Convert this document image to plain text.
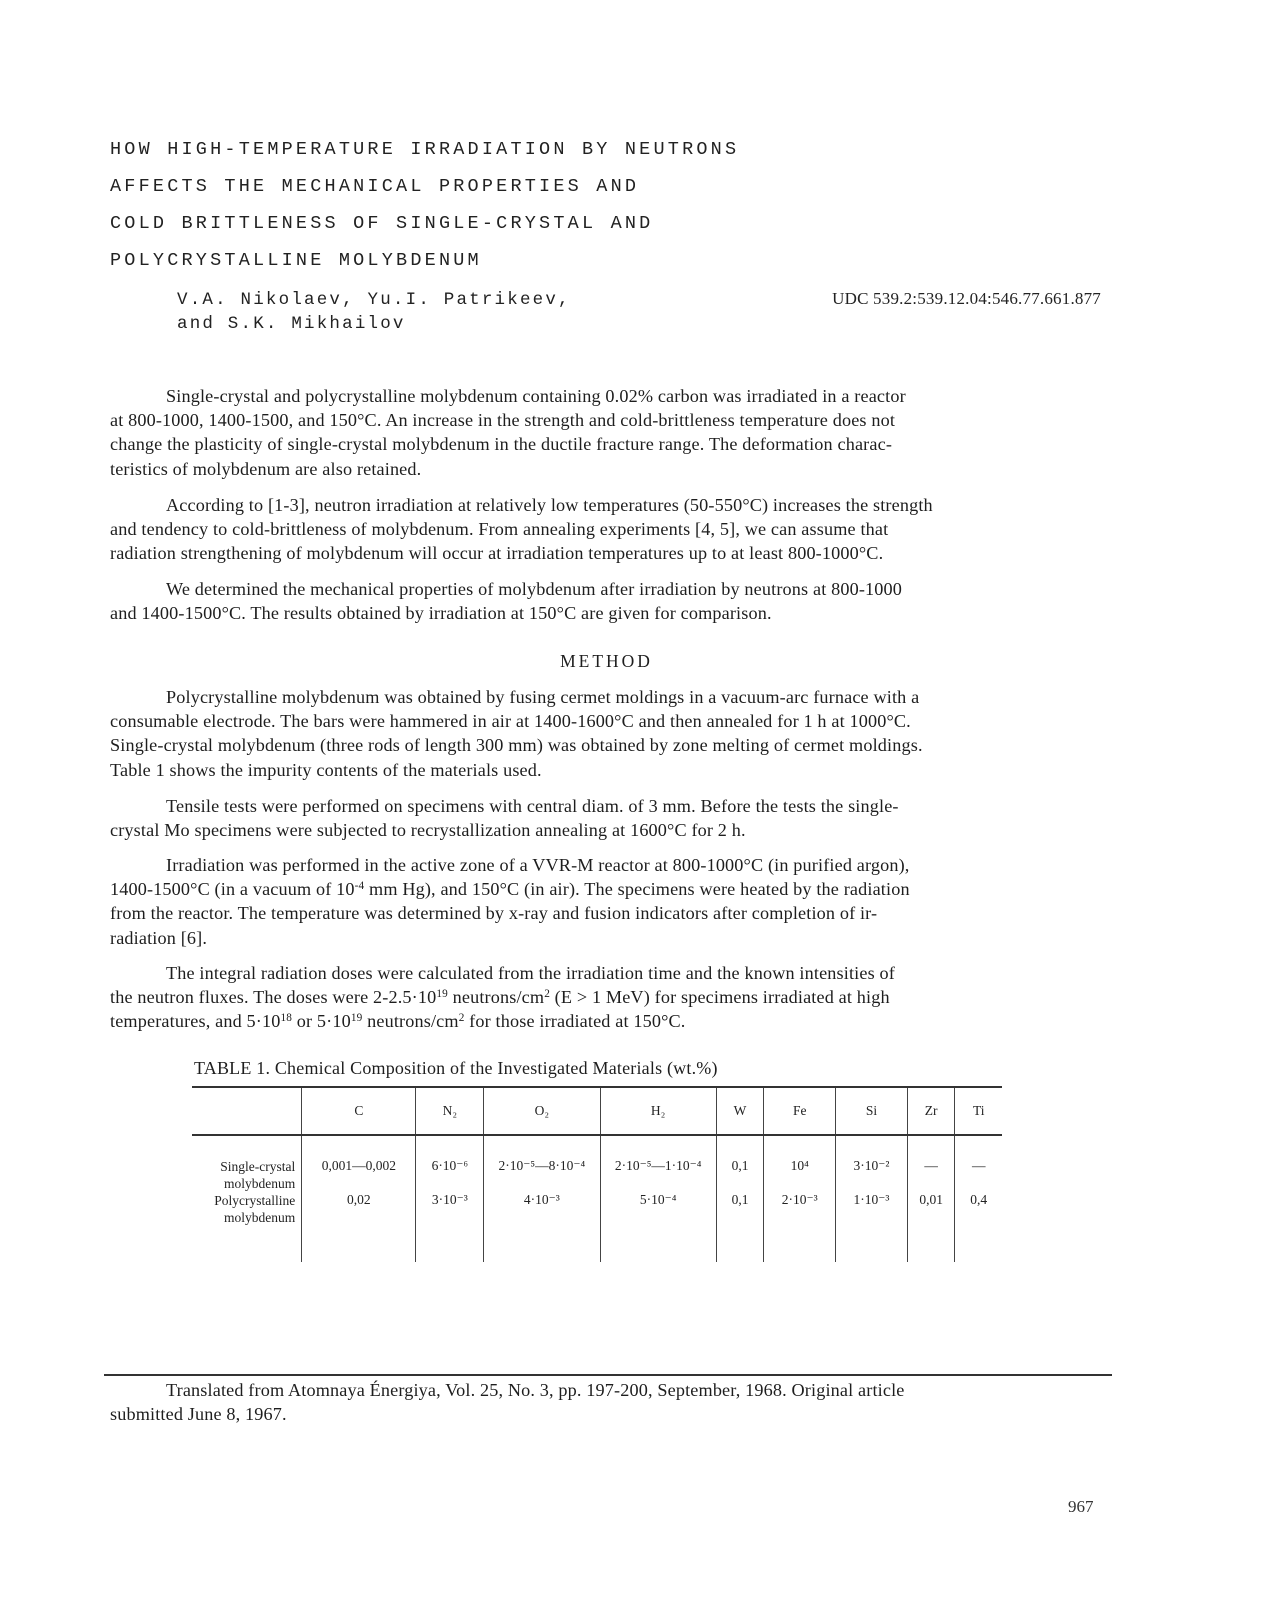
HOW HIGH-TEMPERATURE IRRADIATION BY NEUTRONS
AFFECTS THE MECHANICAL PROPERTIES AND
COLD BRITTLENESS OF SINGLE-CRYSTAL AND
POLYCRYSTALLINE MOLYBDENUM
V.A. Nikolaev, Yu.I. Patrikeev,
and S.K. Mikhailov
UDC 539.2:539.12.04:546.77.661.877
Single-crystal and polycrystalline molybdenum containing 0.02% carbon was irradiated in a reactor
at 800-1000, 1400-1500, and 150°C. An increase in the strength and cold-brittleness temperature does not
change the plasticity of single-crystal molybdenum in the ductile fracture range. The deformation charac-
teristics of molybdenum are also retained.
According to [1-3], neutron irradiation at relatively low temperatures (50-550°C) increases the strength
and tendency to cold-brittleness of molybdenum. From annealing experiments [4, 5], we can assume that
radiation strengthening of molybdenum will occur at irradiation temperatures up to at least 800-1000°C.
We determined the mechanical properties of molybdenum after irradiation by neutrons at 800-1000
and 1400-1500°C. The results obtained by irradiation at 150°C are given for comparison.
METHOD
Polycrystalline molybdenum was obtained by fusing cermet moldings in a vacuum-arc furnace with a
consumable electrode. The bars were hammered in air at 1400-1600°C and then annealed for 1 h at 1000°C.
Single-crystal molybdenum (three rods of length 300 mm) was obtained by zone melting of cermet moldings.
Table 1 shows the impurity contents of the materials used.
Tensile tests were performed on specimens with central diam. of 3 mm. Before the tests the single-
crystal Mo specimens were subjected to recrystallization annealing at 1600°C for 2 h.
Irradiation was performed in the active zone of a VVR-M reactor at 800-1000°C (in purified argon),
1400-1500°C (in a vacuum of $10^{-4}$ mm Hg), and 150°C (in air). The specimens were heated by the radiation
from the reactor. The temperature was determined by x-ray and fusion indicators after completion of ir-
radiation [6].
The integral radiation doses were calculated from the irradiation time and the known intensities of
the neutron fluxes. The doses were $2-2.5\cdot 10^{19}$ neutrons/$cm^2$ (E > 1 MeV) for specimens irradiated at high
temperatures, and $5\cdot 10^{18}$ or $5\cdot 10^{19}$ neutrons/$cm^2$ for those irradiated at 150°C.
TABLE 1. Chemical Composition of the Investigated Materials (wt.%)
	C	N₂	O₂	H₂	W	Fe	Si	Zr	Ti
Single-crystal molybdenum	0,001—0,002	6·10⁻⁶	2·10⁻⁵—8·10⁻⁴	2·10⁻⁵—1·10⁻⁴	0,1	10⁴	3·10⁻²	—	—
Polycrystalline molybdenum	0,02	3·10⁻³	4·10⁻³	5·10⁻⁴	0,1	2·10⁻³	1·10⁻³	0,01	0,4
Translated from Atomnaya Énergiya, Vol. 25, No. 3, pp. 197-200, September, 1968. Original article
submitted June 8, 1967.
967
